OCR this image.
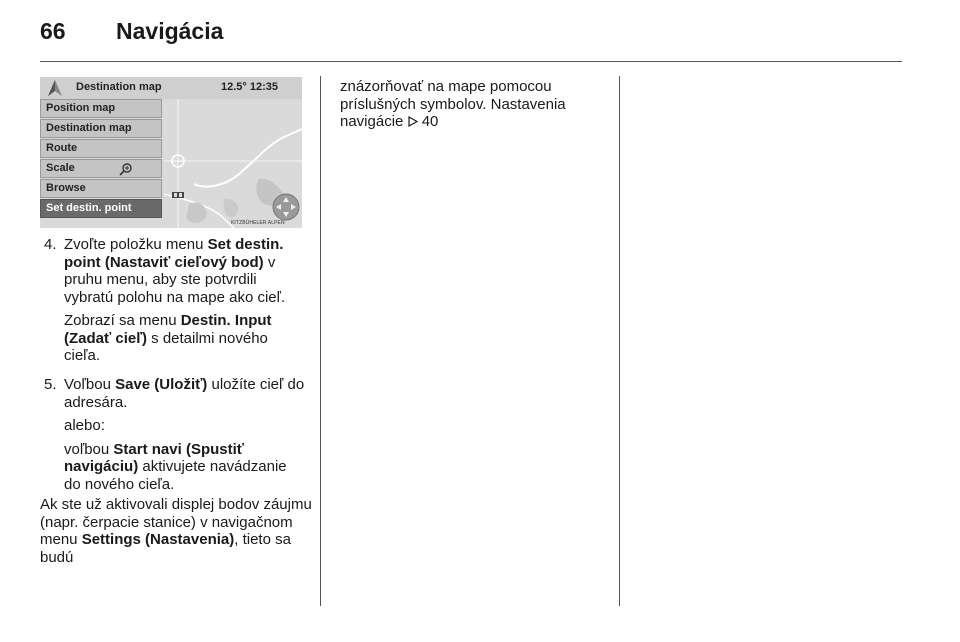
66 Navigácia
Destination map	12.5° 12:35
KITZBÜHELER ALPEN
Position map
Destination map
Route
Scale
Browse
Set destin. point
4. Zvoľte položku menu Set destin. point (Nastaviť cieľový bod) v pruhu menu, aby ste potvrdili vybratú polohu na mape ako cieľ.
Zobrazí sa menu Destin. Input (Zadať cieľ) s detailmi nového cieľa.
5. Voľbou Save (Uložiť) uložíte cieľ do adresára.
alebo:
voľbou Start navi (Spustiť navigáciu) aktivujete navádzanie do nového cieľa.
Ak ste už aktivovali displej bodov záujmu (napr. čerpacie stanice) v navigačnom menu Settings (Nastavenia), tieto sa budú
znázorňovať na mape pomocou príslušných symbolov. Nastavenia navigácie  40
